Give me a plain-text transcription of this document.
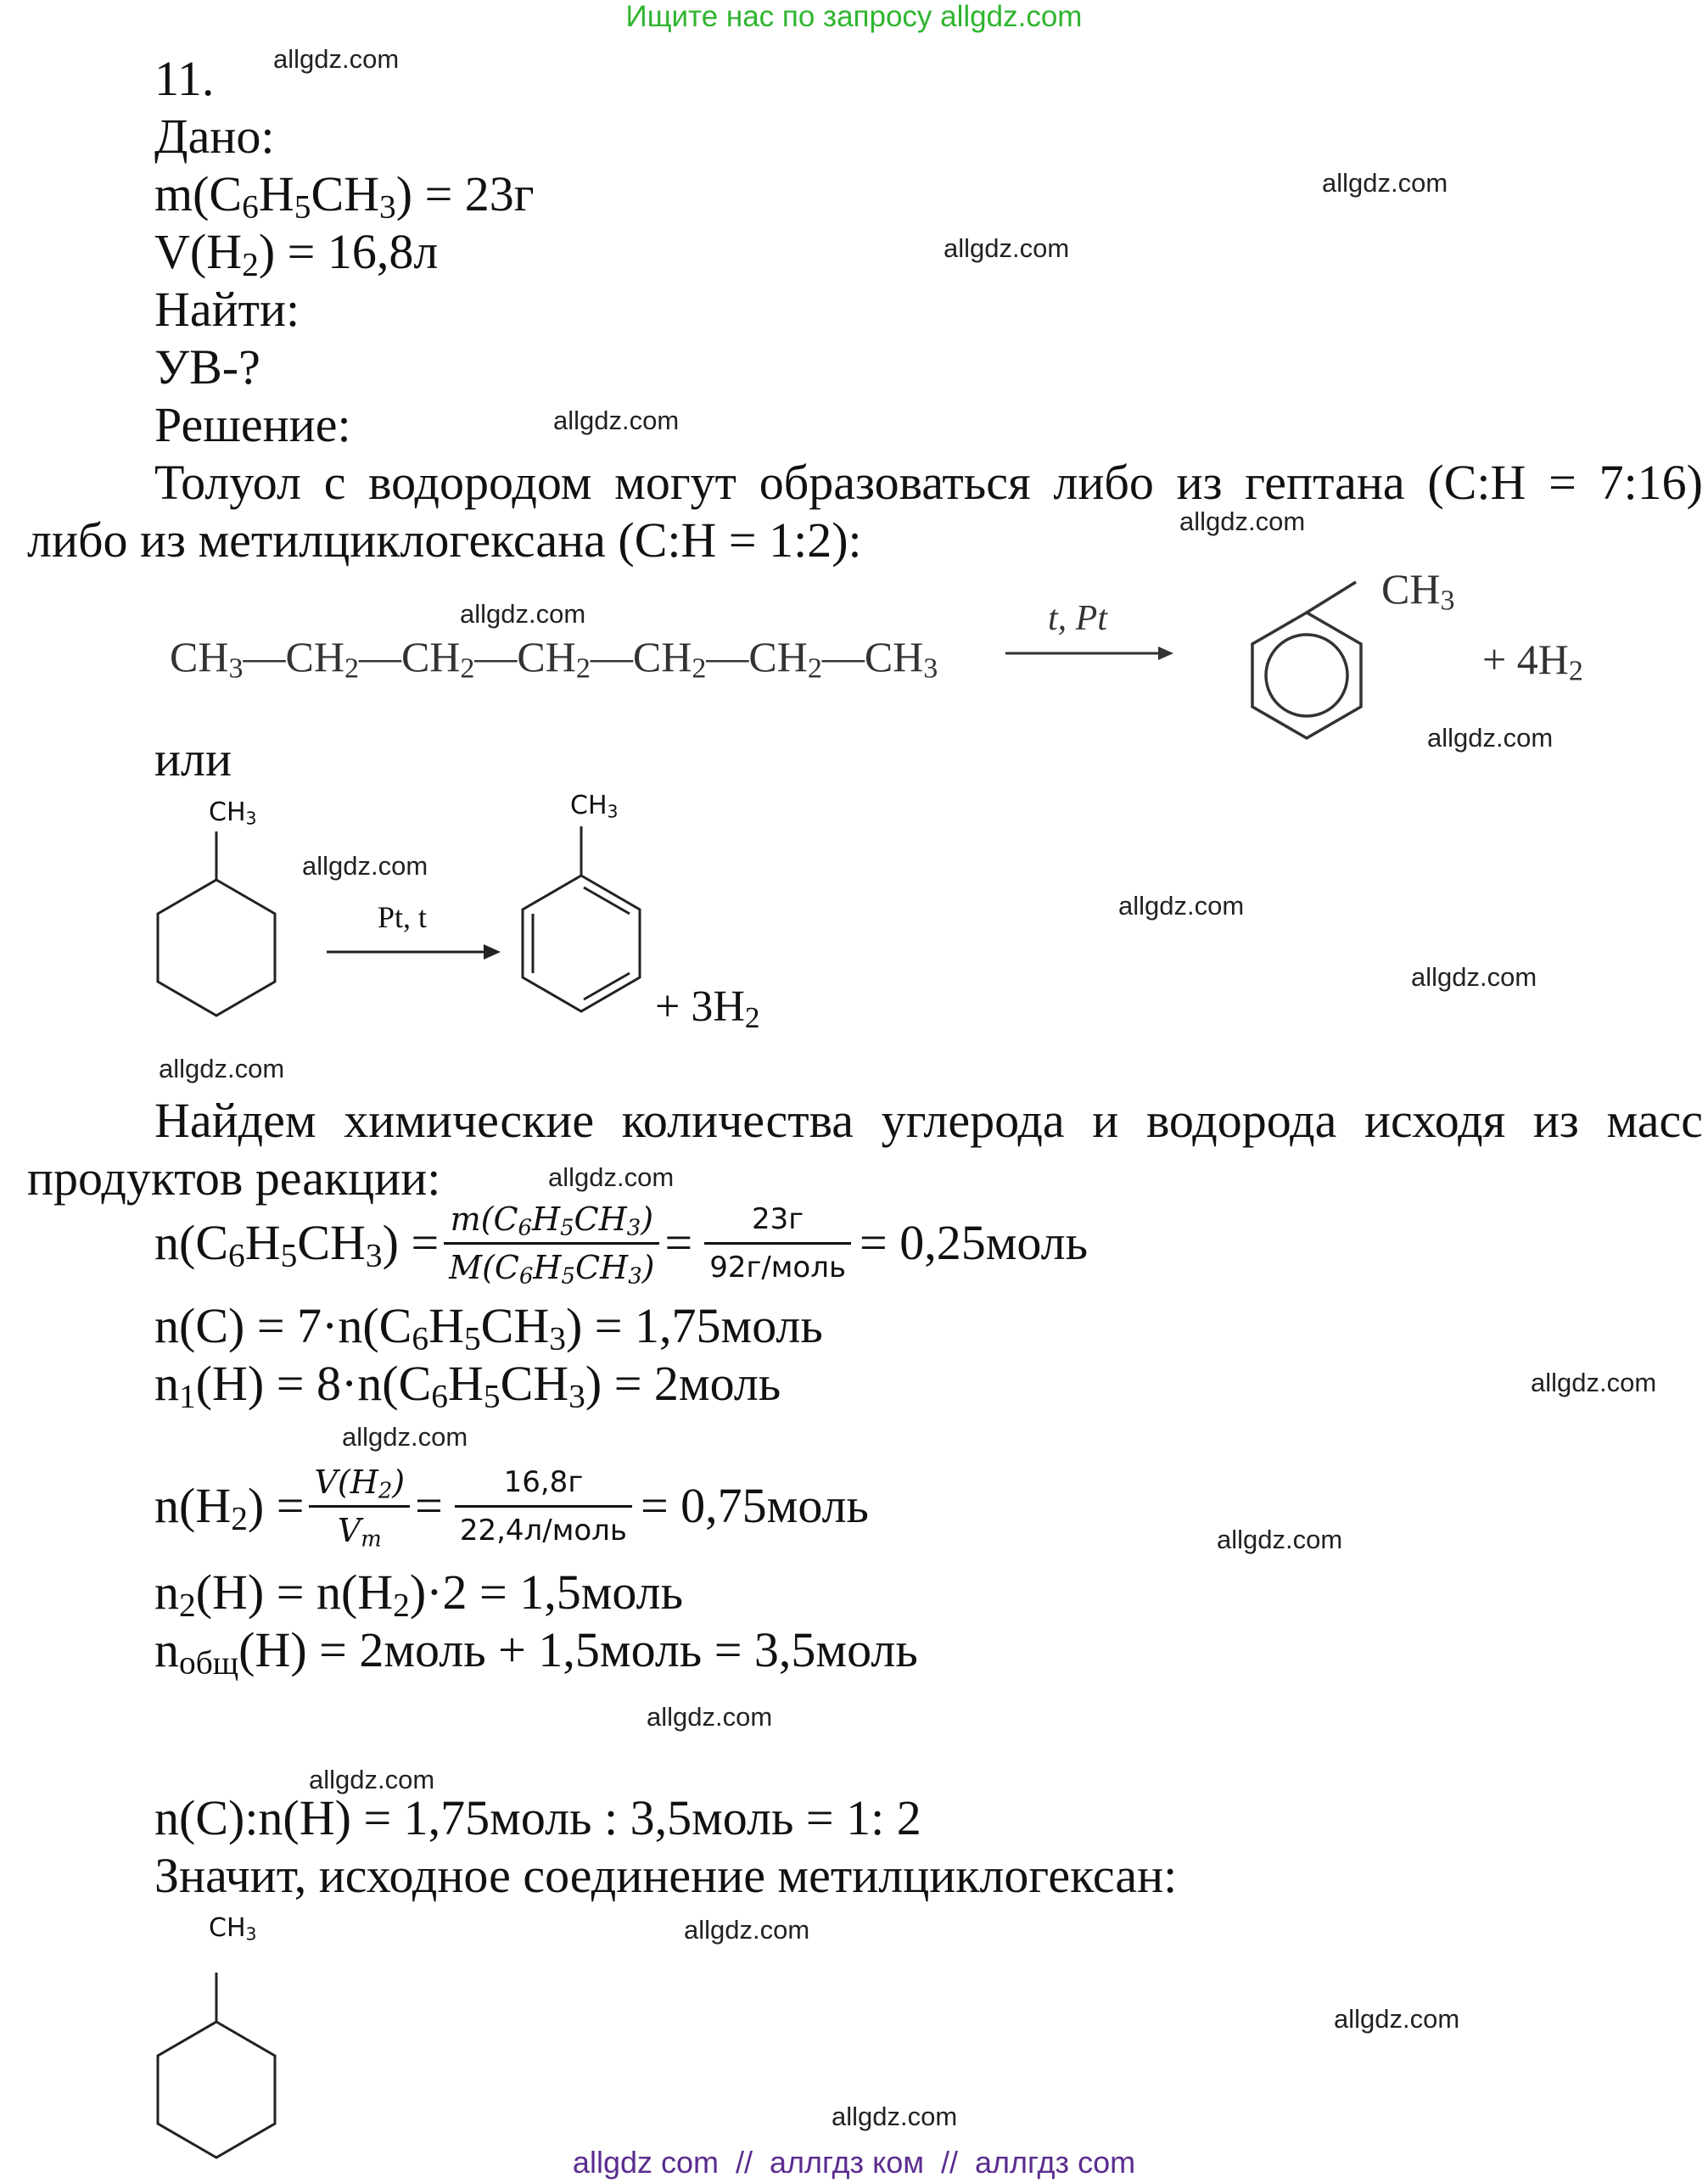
Ищите нас по запросу allgdz.com
11.
Дано:
$m(C_6H_5CH_3) = 23г$
$V(H_2) = 16,8л$
Найти:
УВ-?
Решение:
Толуол с водородом могут образоваться либо из гептана (C:H = 7:16)
либо из метилциклогексана (C:H = 1:2):
$CH_3—CH_2—CH_2—CH_2—CH_2—CH_2—CH_3$
t, Pt
$CH_3$
+ $4H_2$
или
$CH_3$
Pt, t
$CH_3$
+ $3H_2$
Найдем химические количества углерода и водорода исходя из масс
продуктов реакции:
$n(C_6H_5CH_3) = \frac{m(C_6H_5CH_3)}{M(C_6H_5CH_3)} = \frac{23г}{\text{92г/моль}}$ = 0,25моль
$n(C) = 7\cdot n(C_6H_5CH_3)$ = 1,75моль
$n_1(H) = 8\cdot n(C_6H_5CH_3)$ = 2моль
$n(H_2) = \frac{V(H_2)}{V_m} = \frac{16,8г}{\text{22,4л/моль}}$ = 0,75моль
$n_2(H) = n(H_2)\cdot 2$ = 1,5моль
$n_{общ}(H)$ = 2моль + 1,5моль = 3,5моль
n(C):n(H) = 1,75моль : 3,5моль = 1: 2
Значит, исходное соединение метилциклогексан:
$CH_3$
allgdz.com
allgdz.com
allgdz.com
allgdz.com
allgdz.com
allgdz.com
allgdz.com
allgdz.com
allgdz.com
allgdz.com
allgdz.com
allgdz.com
allgdz.com
allgdz.com
allgdz.com
allgdz.com
allgdz.com
allgdz.com
allgdz.com
allgdz.com
allgdz com  //  аллгдз ком  //  аллгдз com
